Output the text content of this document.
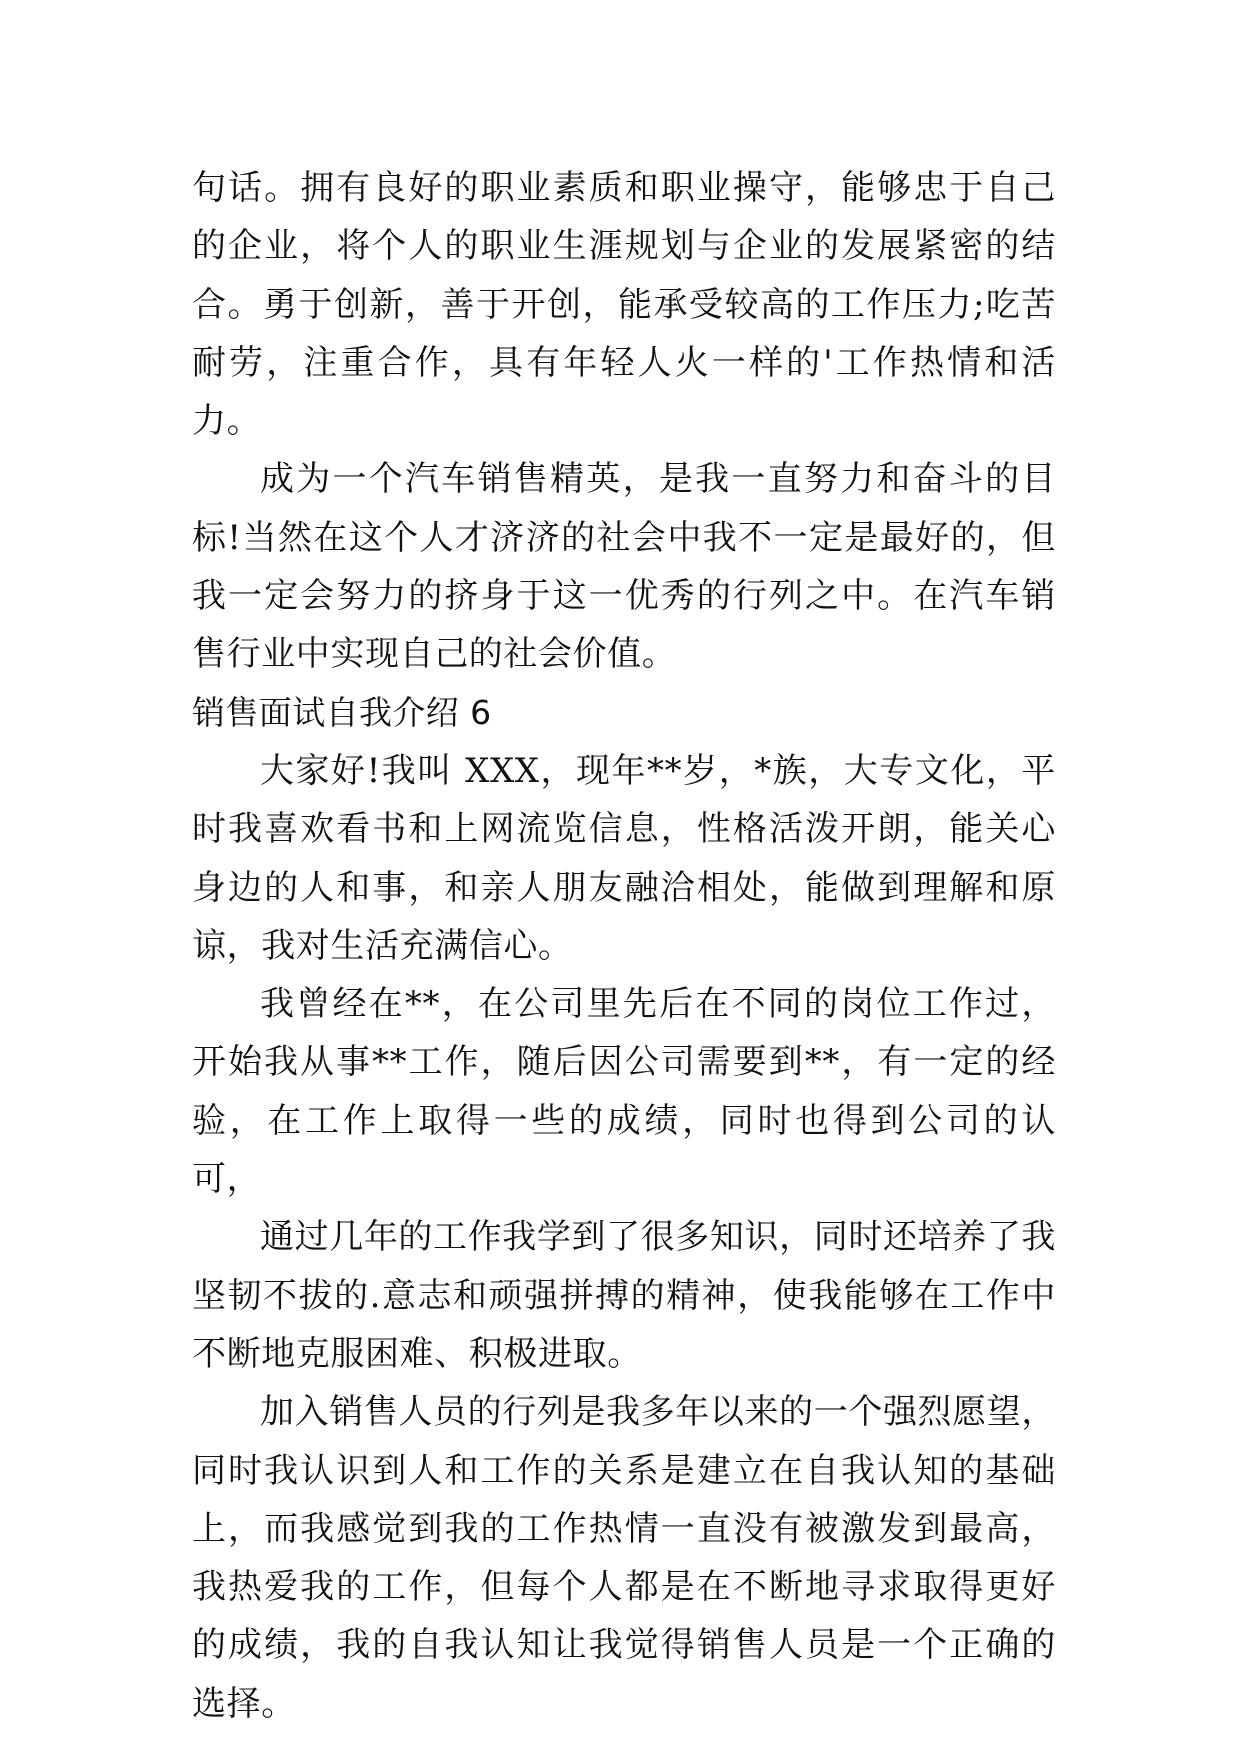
句话。拥有良好的职业素质和职业操守，能够忠于自己的企业，将个人的职业生涯规划与企业的发展紧密的结合。勇于创新，善于开创，能承受较高的工作压力;吃苦耐劳，注重合作，具有年轻人火一样的'工作热情和活力。

成为一个汽车销售精英，是我一直努力和奋斗的目标!当然在这个人才济济的社会中我不一定是最好的，但我一定会努力的挤身于这一优秀的行列之中。在汽车销售行业中实现自己的社会价值。

销售面试自我介绍 6

大家好!我叫 XXX，现年**岁，*族，大专文化，平时我喜欢看书和上网流览信息，性格活泼开朗，能关心身边的人和事，和亲人朋友融洽相处，能做到理解和原谅，我对生活充满信心。

我曾经在**，在公司里先后在不同的岗位工作过，开始我从事**工作，随后因公司需要到**，有一定的经验，在工作上取得一些的成绩，同时也得到公司的认可，

通过几年的工作我学到了很多知识，同时还培养了我坚韧不拔的.意志和顽强拼搏的精神，使我能够在工作中不断地克服困难、积极进取。

加入销售人员的行列是我多年以来的一个强烈愿望，同时我认识到人和工作的关系是建立在自我认知的基础上，而我感觉到我的工作热情一直没有被激发到最高，我热爱我的工作，但每个人都是在不断地寻求取得更好的成绩，我的自我认知让我觉得销售人员是一个正确的选择。
